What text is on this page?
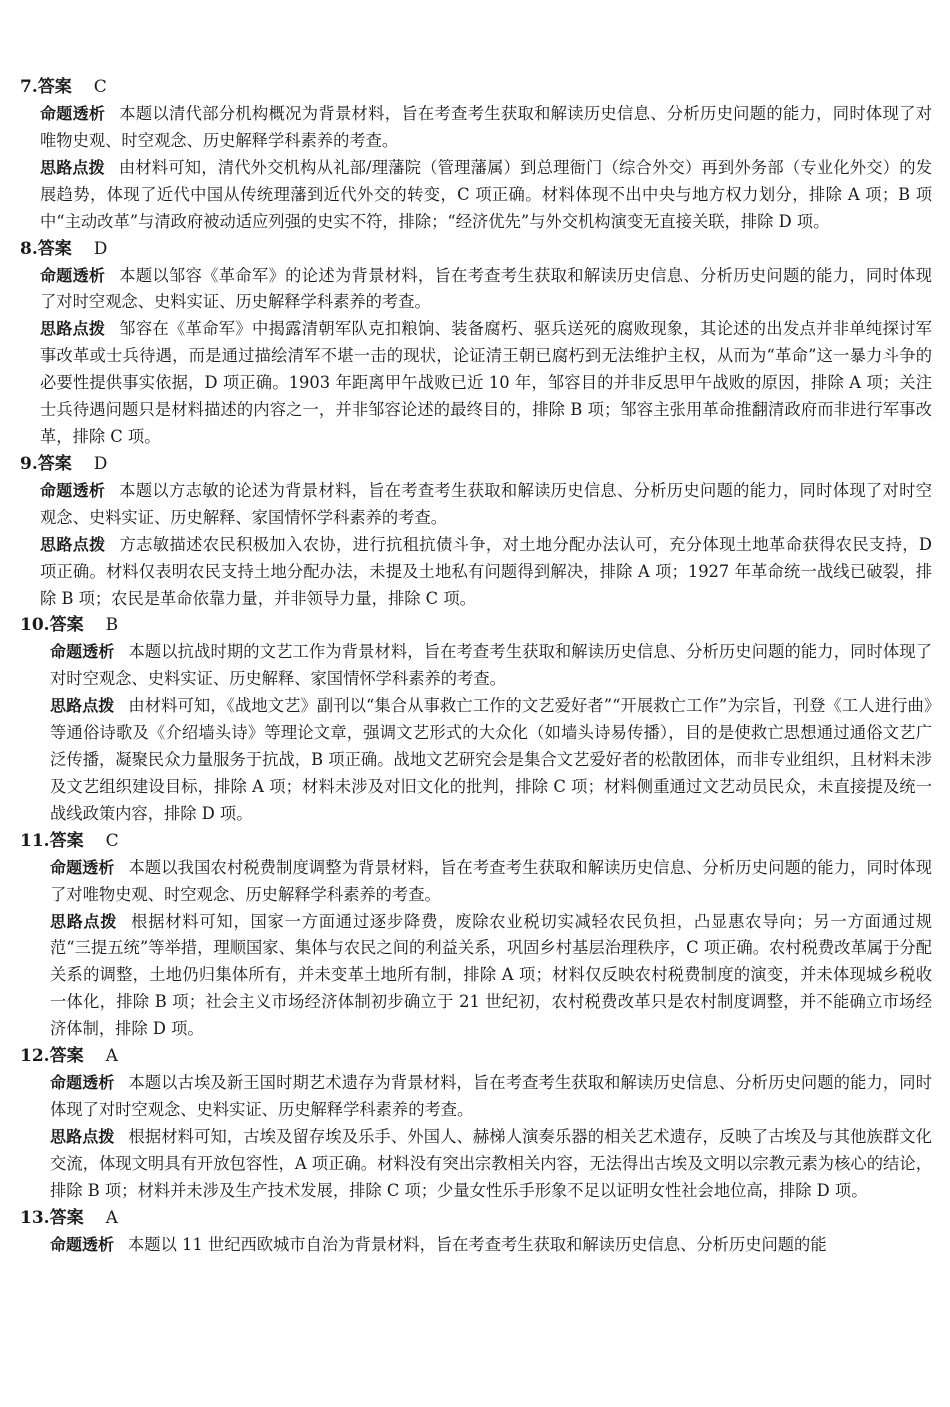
7.答案 C

命题透析 本题以清代部分机构概况为背景材料，旨在考查考生获取和解读历史信息、分析历史问题的能力，同时体现了对唯物史观、时空观念、历史解释学科素养的考查。

思路点拨 由材料可知，清代外交机构从礼部/理藩院（管理藩属）到总理衙门（综合外交）再到外务部（专业化外交）的发展趋势，体现了近代中国从传统理藩到近代外交的转变，C 项正确。材料体现不出中央与地方权力划分，排除 A 项；B 项中“主动改革”与清政府被动适应列强的史实不符，排除；“经济优先”与外交机构演变无直接关联，排除 D 项。

8.答案 D

命题透析 本题以邹容《革命军》的论述为背景材料，旨在考查考生获取和解读历史信息、分析历史问题的能力，同时体现了对时空观念、史料实证、历史解释学科素养的考查。

思路点拨 邹容在《革命军》中揭露清朝军队克扣粮饷、装备腐朽、驱兵送死的腐败现象，其论述的出发点并非单纯探讨军事改革或士兵待遇，而是通过描绘清军不堪一击的现状，论证清王朝已腐朽到无法维护主权，从而为“革命”这一暴力斗争的必要性提供事实依据，D 项正确。1903 年距离甲午战败已近 10 年，邹容目的并非反思甲午战败的原因，排除 A 项；关注士兵待遇问题只是材料描述的内容之一，并非邹容论述的最终目的，排除 B 项；邹容主张用革命推翻清政府而非进行军事改革，排除 C 项。

9.答案 D

命题透析 本题以方志敏的论述为背景材料，旨在考查考生获取和解读历史信息、分析历史问题的能力，同时体现了对时空观念、史料实证、历史解释、家国情怀学科素养的考查。

思路点拨 方志敏描述农民积极加入农协，进行抗租抗债斗争，对土地分配办法认可，充分体现土地革命获得农民支持，D 项正确。材料仅表明农民支持土地分配办法，未提及土地私有问题得到解决，排除 A 项；1927 年革命统一战线已破裂，排除 B 项；农民是革命依靠力量，并非领导力量，排除 C 项。

10.答案 B

命题透析 本题以抗战时期的文艺工作为背景材料，旨在考查考生获取和解读历史信息、分析历史问题的能力，同时体现了对时空观念、史料实证、历史解释、家国情怀学科素养的考查。

思路点拨 由材料可知，《战地文艺》副刊以“集合从事救亡工作的文艺爱好者”“开展救亡工作”为宗旨，刊登《工人进行曲》等通俗诗歌及《介绍墙头诗》等理论文章，强调文艺形式的大众化（如墙头诗易传播），目的是使救亡思想通过通俗文艺广泛传播，凝聚民众力量服务于抗战，B 项正确。战地文艺研究会是集合文艺爱好者的松散团体，而非专业组织，且材料未涉及文艺组织建设目标，排除 A 项；材料未涉及对旧文化的批判，排除 C 项；材料侧重通过文艺动员民众，未直接提及统一战线政策内容，排除 D 项。

11.答案 C

命题透析 本题以我国农村税费制度调整为背景材料，旨在考查考生获取和解读历史信息、分析历史问题的能力，同时体现了对唯物史观、时空观念、历史解释学科素养的考查。

思路点拨 根据材料可知，国家一方面通过逐步降费，废除农业税切实减轻农民负担，凸显惠农导向；另一方面通过规范“三提五统”等举措，理顺国家、集体与农民之间的利益关系，巩固乡村基层治理秩序，C 项正确。农村税费改革属于分配关系的调整，土地仍归集体所有，并未变革土地所有制，排除 A 项；材料仅反映农村税费制度的演变，并未体现城乡税收一体化，排除 B 项；社会主义市场经济体制初步确立于 21 世纪初，农村税费改革只是农村制度调整，并不能确立市场经济体制，排除 D 项。

12.答案 A

命题透析 本题以古埃及新王国时期艺术遗存为背景材料，旨在考查考生获取和解读历史信息、分析历史问题的能力，同时体现了对时空观念、史料实证、历史解释学科素养的考查。

思路点拨 根据材料可知，古埃及留存埃及乐手、外国人、赫梯人演奏乐器的相关艺术遗存，反映了古埃及与其他族群文化交流，体现文明具有开放包容性，A 项正确。材料没有突出宗教相关内容，无法得出古埃及文明以宗教元素为核心的结论，排除 B 项；材料并未涉及生产技术发展，排除 C 项；少量女性乐手形象不足以证明女性社会地位高，排除 D 项。

13.答案 A

命题透析 本题以 11 世纪西欧城市自治为背景材料，旨在考查考生获取和解读历史信息、分析历史问题的能
